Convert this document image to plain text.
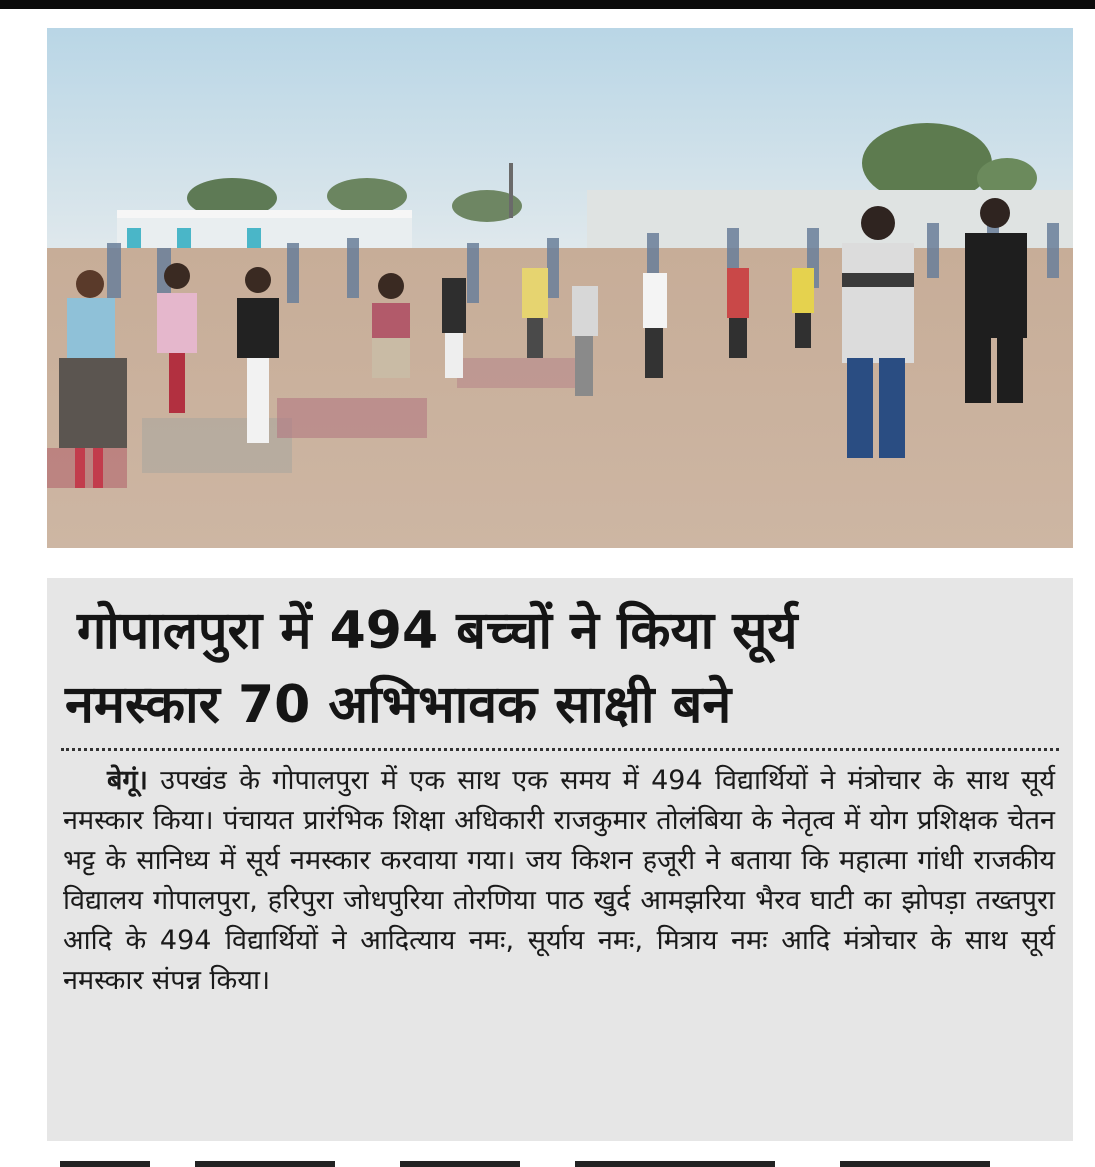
गोपालपुरा में 494 बच्चों ने किया सूर्य
नमस्कार 70 अभिभावक साक्षी बने

बेगूं। उपखंड के गोपालपुरा में एक साथ एक समय में 494 विद्यार्थियों ने मंत्रोचार के साथ सूर्य नमस्कार किया। पंचायत प्रारंभिक शिक्षा अधिकारी राजकुमार तोलंबिया के नेतृत्व में योग प्रशिक्षक चेतन भट्ट के सानिध्य में सूर्य नमस्कार करवाया गया। जय किशन हजूरी ने बताया कि महात्मा गांधी राजकीय विद्यालय गोपालपुरा, हरिपुरा जोधपुरिया तोरणिया पाठ खुर्द आमझरिया भैरव घाटी का झोपड़ा तख्तपुरा आदि के 494 विद्यार्थियों ने आदित्याय नमः, सूर्याय नमः, मित्राय नमः आदि मंत्रोचार के साथ सूर्य नमस्कार संपन्न किया।
